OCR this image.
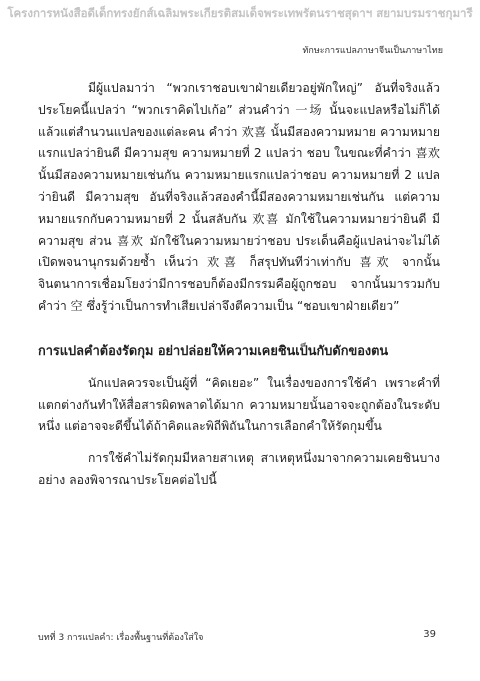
โครงการหนังสือดีเด็กทรงยักส์เฉลิมพระเกียรติสมเด็จพระเทพรัตนราชสุดาฯ สยามบรมราชกุมารี
ทักษะการแปลภาษาจีนเป็นภาษาไทย

มีผู้แปลมาว่า “พวกเราชอบเขาฝ่ายเดียวอยู่พักใหญ่” อันที่จริงแล้วประโยคนี้แปลว่า “พวกเราคิดไปเก้อ” ส่วนคำว่า 一场 นั้นจะแปลหรือไม่ก็ได้ แล้วแต่สำนวนแปลของแต่ละคน คำว่า 欢喜 นั้นมีสองความหมาย ความหมายแรกแปลว่ายินดี มีความสุข ความหมายที่ 2 แปลว่า ชอบ ในขณะที่คำว่า 喜欢 นั้นมีสองความหมายเช่นกัน ความหมายแรกแปลว่าชอบ ความหมายที่ 2 แปลว่ายินดี มีความสุข อันที่จริงแล้วสองคำนี้มีสองความหมายเช่นกัน แต่ความหมายแรกกับความหมายที่ 2 นั้นสลับกัน 欢喜 มักใช้ในความหมายว่ายินดี มีความสุข ส่วน 喜欢 มักใช้ในความหมายว่าชอบ ประเด็นคือผู้แปลน่าจะไม่ได้เปิดพจนานุกรมด้วยซ้ำ เห็นว่า 欢喜 ก็สรุปทันทีว่าเท่ากับ 喜欢 จากนั้นจินตนาการเชื่อมโยงว่ามีการชอบก็ต้องมีกรรมคือผู้ถูกชอบ จากนั้นมารวมกับคำว่า 空 ซึ่งรู้ว่าเป็นการทำเสียเปล่าจึงตีความเป็น “ชอบเขาฝ่ายเดียว”

การแปลคำต้องรัดกุม อย่าปล่อยให้ความเคยชินเป็นกับดักของตน

นักแปลควรจะเป็นผู้ที่ “คิดเยอะ” ในเรื่องของการใช้คำ เพราะคำที่แตกต่างกันทำให้สื่อสารผิดพลาดได้มาก ความหมายนั้นอาจจะถูกต้องในระดับหนึ่ง แต่อาจจะดีขึ้นได้ถ้าคิดและพิถีพิถันในการเลือกคำให้รัดกุมขึ้น

การใช้คำไม่รัดกุมมีหลายสาเหตุ สาเหตุหนึ่งมาจากความเคยชินบางอย่าง ลองพิจารณาประโยคต่อไปนี้

บทที่ 3 การแปลคำ: เรื่องพื้นฐานที่ต้องใส่ใจ	39
